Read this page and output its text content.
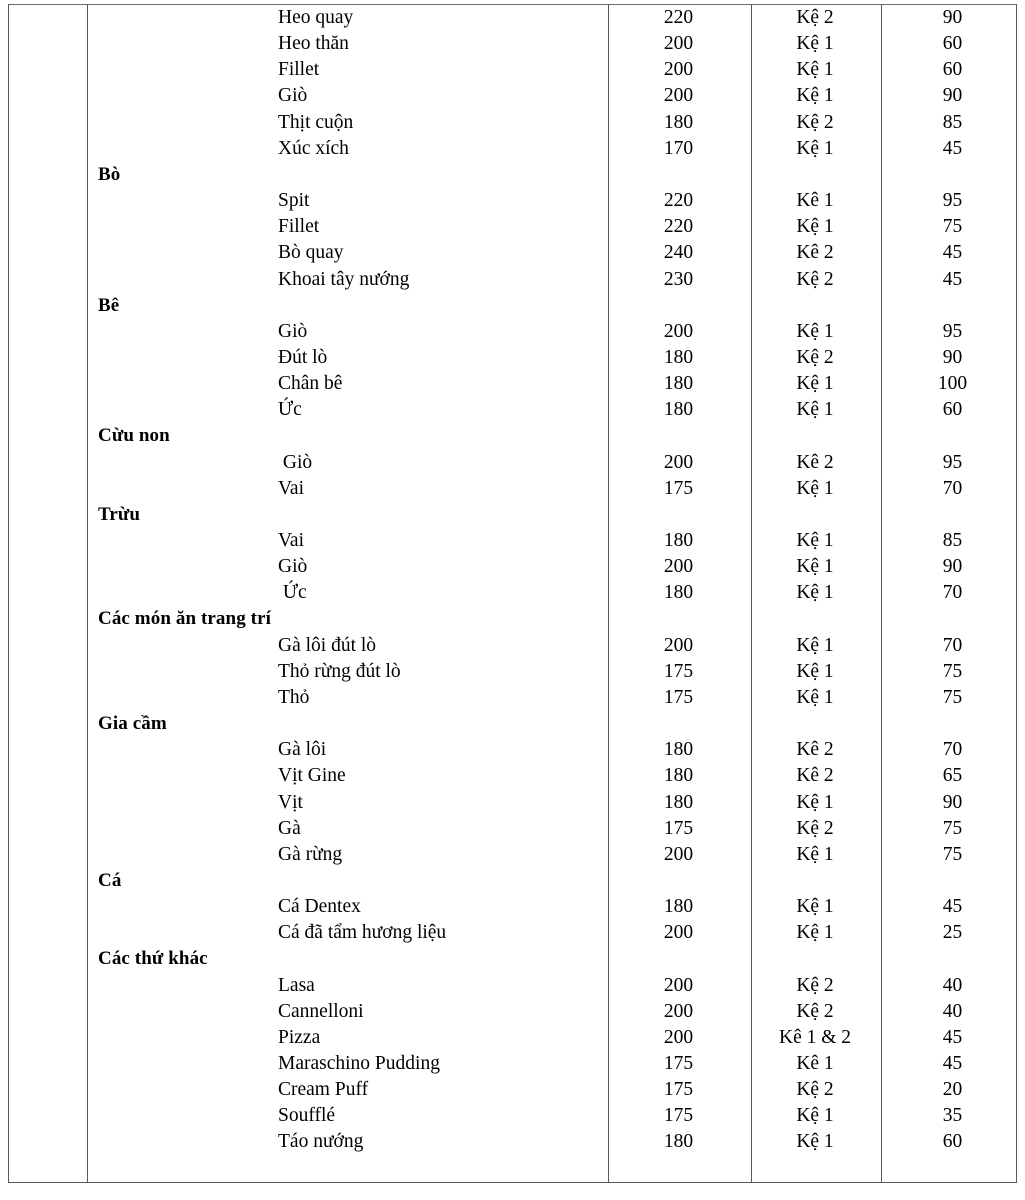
Heo quay	220	Kệ 2	90
Heo thăn	200	Kệ 1	60
Fillet	200	Kệ 1	60
Giò	200	Kệ 1	90
Thịt cuộn	180	Kệ 2	85
Xúc xích	170	Kệ 1	45
Bò
Spit	220	Kê 1	95
Fillet	220	Kệ 1	75
Bò quay	240	Kê 2	45
Khoai tây nướng	230	Kệ 2	45
Bê
Giò	200	Kệ 1	95
Đút lò	180	Kệ 2	90
Chân bê	180	Kệ 1	100
Ức	180	Kệ 1	60
Cừu non
Giò	200	Kê 2	95
Vai	175	Kệ 1	70
Trừu
Vai	180	Kệ 1	85
Giò	200	Kệ 1	90
Ức	180	Kệ 1	70
Các món ăn trang trí
Gà lôi đút lò	200	Kệ 1	70
Thỏ rừng đút lò	175	Kệ 1	75
Thỏ	175	Kệ 1	75
Gia cầm
Gà lôi	180	Kê 2	70
Vịt Gine	180	Kê 2	65
Vịt	180	Kệ 1	90
Gà	175	Kệ 2	75
Gà rừng	200	Kệ 1	75
Cá
Cá Dentex	180	Kệ 1	45
Cá đã tẩm hương liệu	200	Kệ 1	25
Các thứ khác
Lasa	200	Kệ 2	40
Cannelloni	200	Kệ 2	40
Pizza	200	Kê 1 & 2	45
Maraschino Pudding	175	Kê 1	45
Cream Puff	175	Kệ 2	20
Soufflé	175	Kệ 1	35
Táo nướng	180	Kệ 1	60
